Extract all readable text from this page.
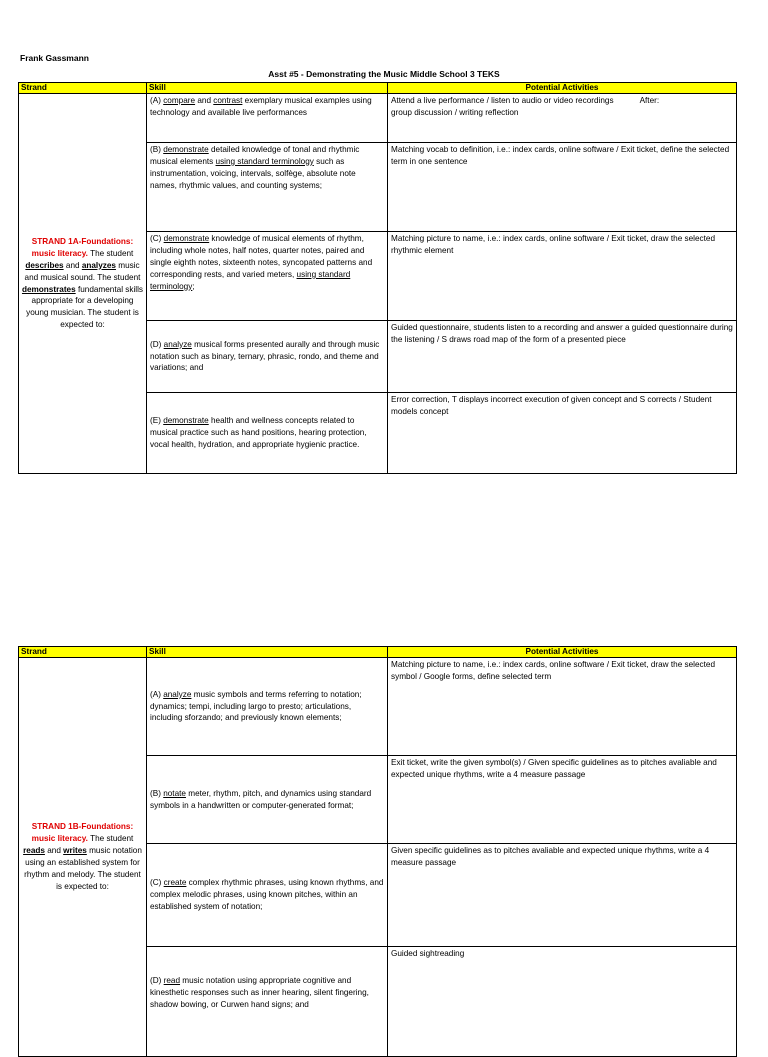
Frank Gassmann
Asst #5 - Demonstrating the Music Middle School 3 TEKS
Strand	Skill	Potential Activities
STRAND 1A-Foundations: music literacy. The student describes and analyzes music and musical sound. The student demonstrates fundamental skills appropriate for a developing young musician. The student is expected to:	(A) compare and contrast exemplary musical examples using technology and available live performances	Attend a live performance / listen to audio or video recordings After:
group discussion / writing reflection
	(B) demonstrate detailed knowledge of tonal and rhythmic musical elements using standard terminology such as instrumentation, voicing, intervals, solfège, absolute note names, rhythmic values, and counting systems;	Matching vocab to definition, i.e.: index cards, online software / Exit ticket, define the selected term in one sentence
	(C) demonstrate knowledge of musical elements of rhythm, including whole notes, half notes, quarter notes, paired and single eighth notes, sixteenth notes, syncopated patterns and corresponding rests, and varied meters, using standard terminology;	Matching picture to name, i.e.: index cards, online software / Exit ticket, draw the selected rhythmic element
	(D) analyze musical forms presented aurally and through music notation such as binary, ternary, phrasic, rondo, and theme and variations; and	Guided questionnaire, students listen to a recording and answer a guided questionnaire during the listening / S draws road map of the form of a presented piece
	(E) demonstrate health and wellness concepts related to musical practice such as hand positions, hearing protection, vocal health, hydration, and appropriate hygienic practice.	Error correction, T displays incorrect execution of given concept and S corrects / Student models concept
Strand	Skill	Potential Activities
STRAND 1B-Foundations: music literacy. The student reads and writes music notation using an established system for rhythm and melody. The student is expected to:	(A) analyze music symbols and terms referring to notation; dynamics; tempi, including largo to presto; articulations, including sforzando; and previously known elements;	Matching picture to name, i.e.: index cards, online software / Exit ticket, draw the selected symbol / Google forms, define selected term
	(B) notate meter, rhythm, pitch, and dynamics using standard symbols in a handwritten or computer-generated format;	Exit ticket, write the given symbol(s) / Given specific guidelines as to pitches avaliable and expected unique rhythms, write a 4 measure passage
	(C) create complex rhythmic phrases, using known rhythms, and complex melodic phrases, using known pitches, within an established system of notation;	Given specific guidelines as to pitches avaliable and expected unique rhythms, write a 4 measure passage
	(D) read music notation using appropriate cognitive and kinesthetic responses such as inner hearing, silent fingering, shadow bowing, or Curwen hand signs; and	Guided sightreading
